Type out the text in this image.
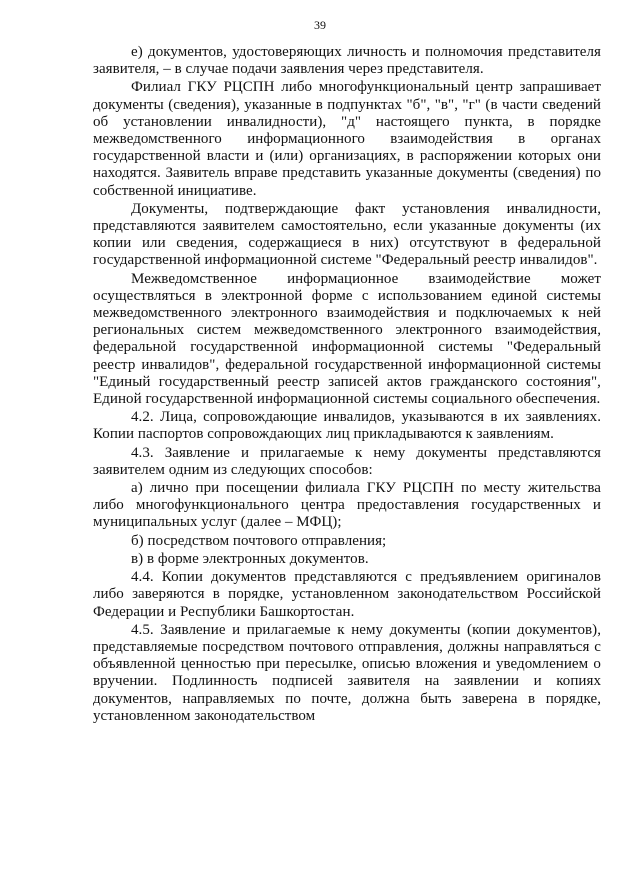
39

е) документов, удостоверяющих личность и полномочия представителя заявителя, – в случае подачи заявления через представителя.

Филиал ГКУ РЦСПН либо многофункциональный центр запрашивает документы (сведения), указанные в подпунктах "б", "в", "г" (в части сведений об установлении инвалидности), "д" настоящего пункта, в порядке межведомственного информационного взаимодействия в органах государственной власти и (или) организациях, в распоряжении которых они находятся. Заявитель вправе представить указанные документы (сведения) по собственной инициативе.

Документы, подтверждающие факт установления инвалидности, представляются заявителем самостоятельно, если указанные документы (их копии или сведения, содержащиеся в них) отсутствуют в федеральной государственной информационной системе "Федеральный реестр инвалидов".

Межведомственное информационное взаимодействие может осуществляться в электронной форме с использованием единой системы межведомственного электронного взаимодействия и подключаемых к ней региональных систем межведомственного электронного взаимодействия, федеральной государственной информационной системы "Федеральный реестр инвалидов", федеральной государственной информационной системы "Единый государственный реестр записей актов гражданского состояния", Единой государственной информационной системы социального обеспечения.

4.2. Лица, сопровождающие инвалидов, указываются в их заявлениях. Копии паспортов сопровождающих лиц прикладываются к заявлениям.

4.3. Заявление и прилагаемые к нему документы представляются заявителем одним из следующих способов:

а) лично при посещении филиала ГКУ РЦСПН по месту жительства либо многофункционального центра предоставления государственных и муниципальных услуг (далее – МФЦ);

б) посредством почтового отправления;

в) в форме электронных документов.

4.4. Копии документов представляются с предъявлением оригиналов либо заверяются в порядке, установленном законодательством Российской Федерации и Республики Башкортостан.

4.5. Заявление и прилагаемые к нему документы (копии документов), представляемые посредством почтового отправления, должны направляться с объявленной ценностью при пересылке, описью вложения и уведомлением о вручении. Подлинность подписей заявителя на заявлении и копиях документов, направляемых по почте, должна быть заверена в порядке, установленном законодательством
